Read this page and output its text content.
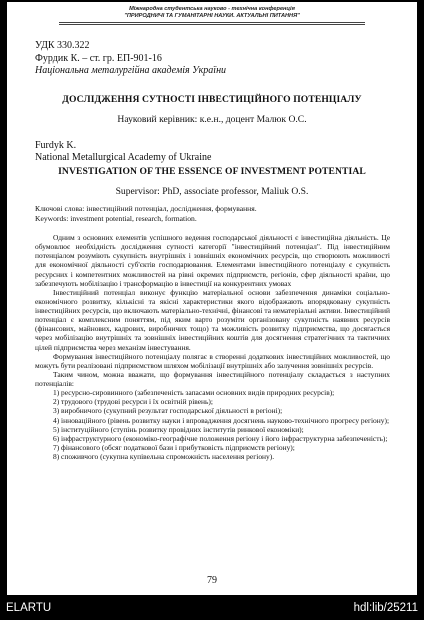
Міжнародна студентська науково - технічна конференція
"ПРИРОДНИЧІ ТА ГУМАНІТАРНІ НАУКИ. АКТУАЛЬНІ ПИТАННЯ"
УДК 330.322
Фурдик К. – ст. гр. ЕП-901-16
Національна металургійна академія України
ДОСЛІДЖЕННЯ СУТНОСТІ ІНВЕСТИЦІЙНОГО ПОТЕНЦІАЛУ
Науковий керівник: к.е.н., доцент Малюк О.С.
Furdyk K.
National Metallurgical Academy of Ukraine
INVESTIGATION OF THE ESSENCE OF INVESTMENT POTENTIAL
Supervisor: PhD, associate professor, Maliuk O.S.
Ключові слова: інвестиційний потенціал, дослідження, формування.
Keywords: investment potential, research, formation.

Одним з основних елементів успішного ведення господарської діяльності є інвестиційна діяльність. Це обумовлює необхідність дослідження сутності категорії "інвестиційний потенціал". Під інвестиційним потенціалом розуміють сукупність внутрішніх і зовнішніх економічних ресурсів, що створюють можливості для економічної діяльності суб'єктів господарювання. Елементами інвестиційного потенціалу є сукупність ресурсних і компетентних можливостей на рівні окремих підприємств, регіонів, сфер діяльності країни, що забезпечують мобілізацію і трансформацію в інвестиції на конкурентних умовах

Інвестиційний потенціал виконує функцію матеріальної основи забезпечення динаміки соціально-економічного розвитку, кількісні та якісні характеристики якого відображають впорядковану сукупність інвестиційних ресурсів, що включають матеріально-технічні, фінансові та нематеріальні активи. Інвестиційний потенціал є комплексним поняттям, під яким варто розуміти організовану сукупність наявних ресурсів (фінансових, майнових, кадрових, виробничих тощо) та можливість розвитку підприємства, що досягається через мобілізацію внутрішніх та зовнішніх інвестиційних коштів для досягнення стратегічних та тактичних цілей підприємства через механізм інвестування.

Формування інвестиційного потенціалу полягає в створенні додаткових інвестиційних можливостей, що можуть бути реалізовані підприємством шляхом мобілізації внутрішніх або залучення зовнішніх ресурсів.

Таким чином, можна вважати, що формування інвестиційного потенціалу складається з наступних потенціалів:

1) ресурсно-сировинного (забезпеченість запасами основних видів природних ресурсів);

2) трудового (трудові ресурси і їх освітній рівень);

3) виробничого (сукупний результат господарської діяльності в регіоні);

4) інноваційного (рівень розвитку науки і впровадження досягнень науково-технічного прогресу регіону);

5) інституційного (ступінь розвитку провідних інститутів ринкової економіки);

6) інфраструктурного (економіко-географічне положення регіону і його інфраструктурна забезпеченість);

7) фінансового (обсяг податкової бази і прибутковість підприємств регіону);

8) споживчого (сукупна купівельна спроможність населення регіону).

79
ELARTU	hdl:lib/25211
